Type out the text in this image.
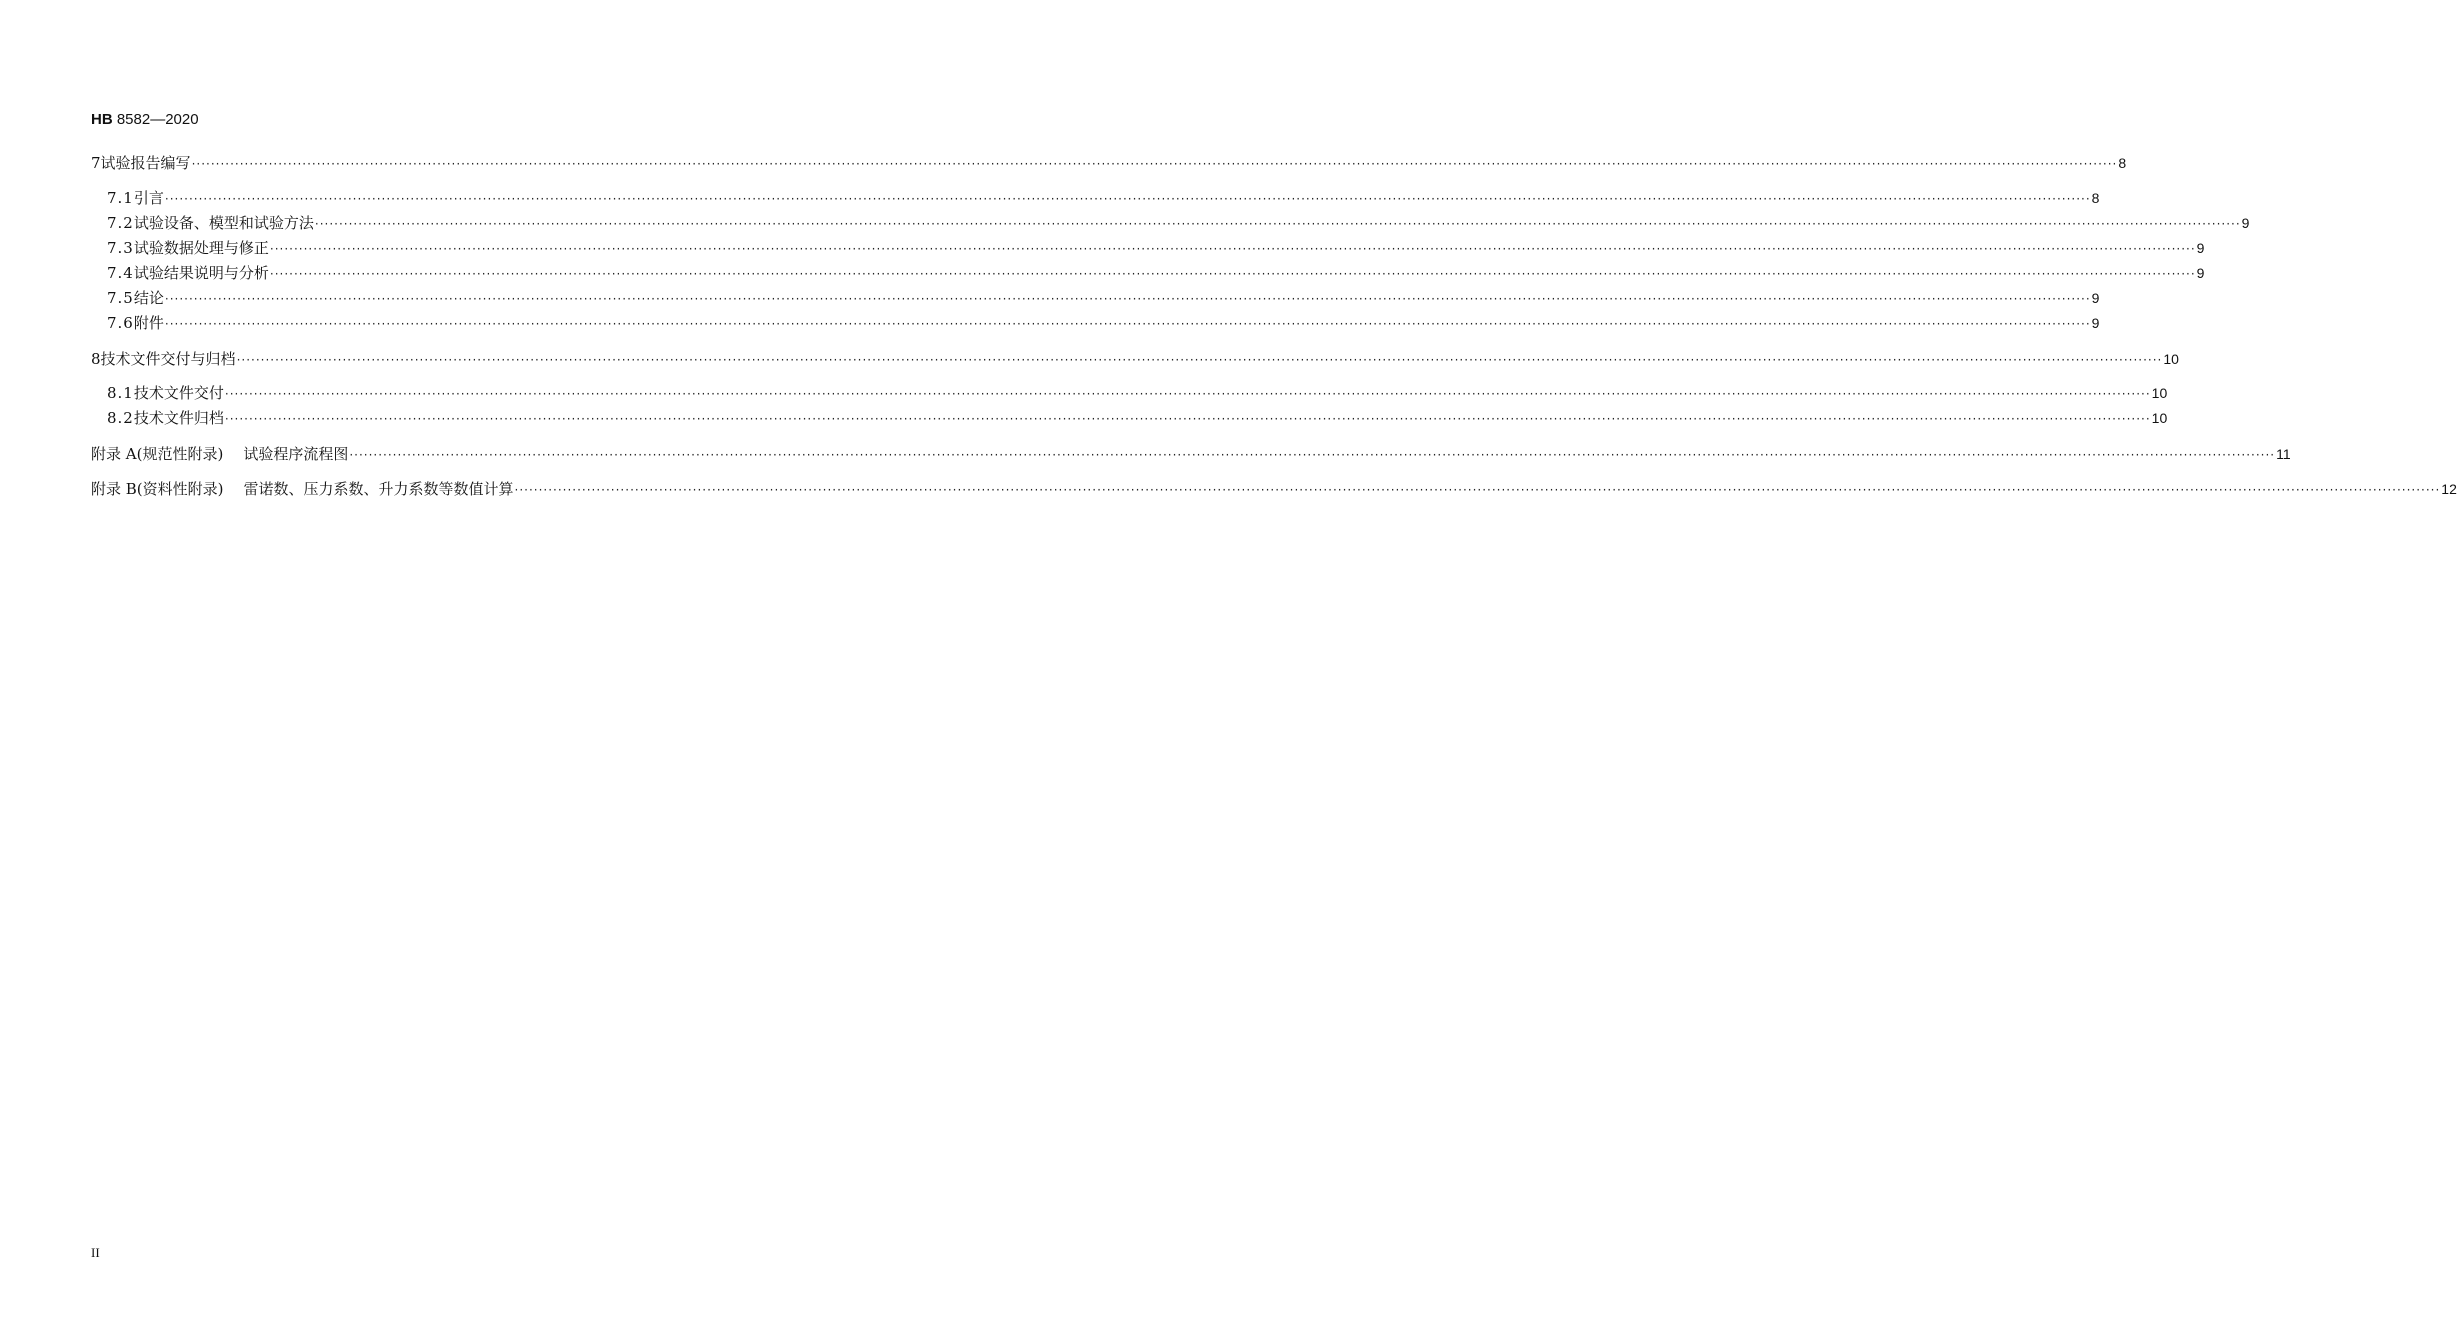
HB 8582—2020
7 试验报告编写 ················································································································································································································································································································································································································ 8
7.1 引言 ················································································································································································································································································································································································································ 8
7.2 试验设备、模型和试验方法 ················································································································································································································································································································································································································ 9
7.3 试验数据处理与修正 ················································································································································································································································································································································································································ 9
7.4 试验结果说明与分析 ················································································································································································································································································································································································································ 9
7.5 结论 ················································································································································································································································································································································································································ 9
7.6 附件 ················································································································································································································································································································································································································ 9
8 技术文件交付与归档 ················································································································································································································································································································································································································ 10
8.1 技术文件交付 ················································································································································································································································································································································································································ 10
8.2 技术文件归档 ················································································································································································································································································································································································································ 10
附录 A(规范性附录) 试验程序流程图 ················································································································································································································································································································································································································ 11
附录 B(资料性附录) 雷诺数、压力系数、升力系数等数值计算 ················································································································································································································································································································································································································ 12
II
